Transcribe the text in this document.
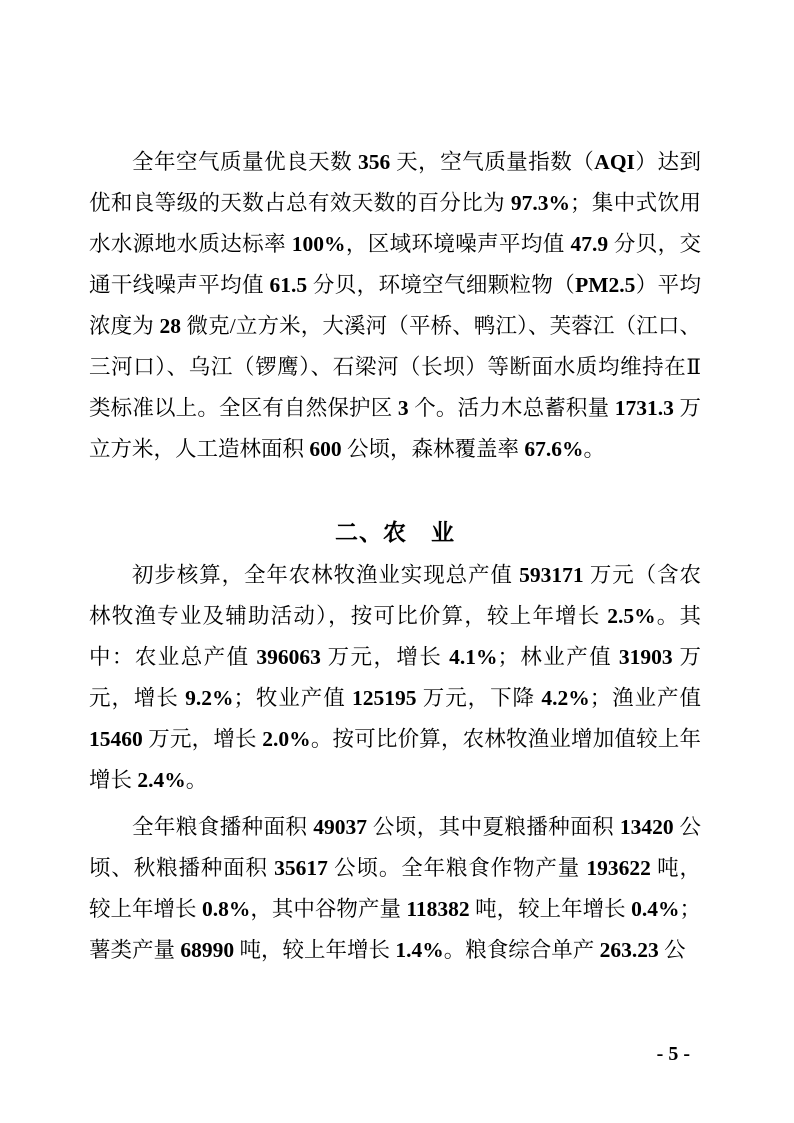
全年空气质量优良天数 356 天，空气质量指数（AQI）达到优和良等级的天数占总有效天数的百分比为 97.3%；集中式饮用水水源地水质达标率 100%，区域环境噪声平均值 47.9 分贝，交通干线噪声平均值 61.5 分贝，环境空气细颗粒物（PM2.5）平均浓度为 28 微克/立方米，大溪河（平桥、鸭江）、芙蓉江（江口、三河口）、乌江（锣鹰）、石梁河（长坝）等断面水质均维持在Ⅱ类标准以上。全区有自然保护区 3 个。活力木总蓄积量 1731.3 万立方米，人工造林面积 600 公顷，森林覆盖率 67.6%。

二、农　业

初步核算，全年农林牧渔业实现总产值 593171 万元（含农林牧渔专业及辅助活动），按可比价算，较上年增长 2.5%。其中：农业总产值 396063 万元，增长 4.1%；林业产值 31903 万元，增长 9.2%；牧业产值 125195 万元，下降 4.2%；渔业产值 15460 万元，增长 2.0%。按可比价算，农林牧渔业增加值较上年增长 2.4%。

全年粮食播种面积 49037 公顷，其中夏粮播种面积 13420 公顷、秋粮播种面积 35617 公顷。全年粮食作物产量 193622 吨，较上年增长 0.8%，其中谷物产量 118382 吨，较上年增长 0.4%；薯类产量 68990 吨，较上年增长 1.4%。粮食综合单产 263.23 公

- 5 -
